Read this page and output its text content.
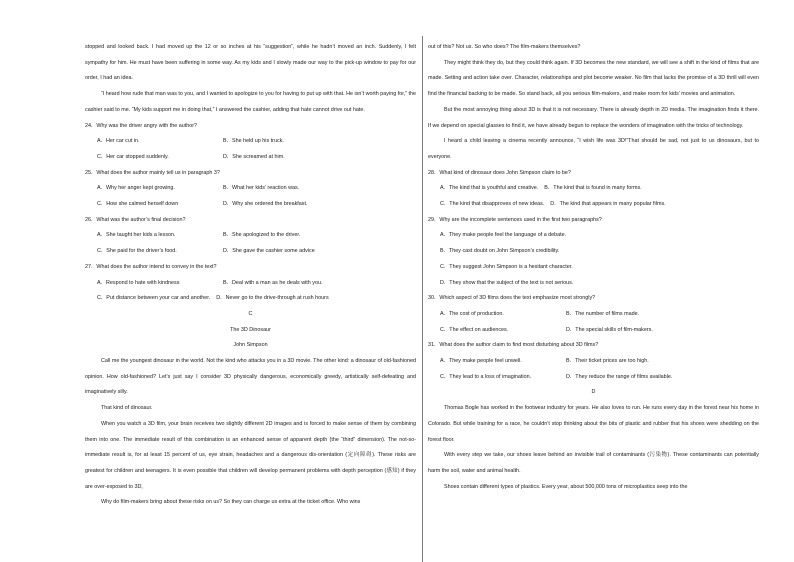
stopped and looked back. I had moved up the 12 or so inches at his “suggestion”, while he hadn’t moved an inch. Suddenly, I felt sympathy for him. He must have been suffering in some way. As my kids and I slowly made our way to the pick-up window to pay for our order, I had an idea.

“I heard how rude that man was to you, and I wanted to apologize to you for having to put up with that. He isn’t worth paying for,” the cashier said to me. “My kids support me in doing that,” I answered the cashier, adding that hate cannot drive out hate.

24．Why was the driver angry with the author?

A．Her car cut in.	B．She held up his truck.
C．Her car stopped suddenly.	D．She screamed at him.

25．What does the author mainly tell us in paragraph 3?

A．Why her anger kept growing.	B．What her kids’ reaction was.
C．How she calmed herself down	D．Why she ordered the breakfast.

26．What was the author’s final decision?

A．She taught her kids a lesson.	B．She apologized to the driver.
C．She paid for the driver’s food.	D．She gave the cashier some advice

27．What does the author intend to convey in the text?

A．Respond to hate with kindness	B．Deal with a man as he deals with you.
C．Put distance between your car and another.	D．Never go to the drive-through at rush hours

C

The 3D Dinosaur

John Simpson

Call me the youngest dinosaur in the world. Not the kind who attacks you in a 3D movie. The other kind: a dinosaur of old-fashioned opinion. How old-fashioned? Let’s just say I consider 3D physically dangerous, economically greedy, artistically self-defeating and imaginatively silly.

That kind of dinosaur.

When you watch a 3D film, your brain receives two slightly different 2D images and is forced to make sense of them by combining them into one. The immediate result of this combination is an enhanced sense of apparent depth (the “third” dimension). The not-so-immediate result is, for at least 15 percent of us, eye strain, headaches and a dangerous dis-orientation (定向障碍). These risks are greatest for children and teenagers. It is even possible that children will develop permanent problems with depth perception (感知) if they are over-exposed to 3D。

Why do film-makers bring about these risks on us? So they can charge us extra at the ticket office. Who wins

out of this? Not us. So who does? The film-makers themselves?

They might think they do, but they could think again. If 3D becomes the new standard, we will see a shift in the kind of films that are made. Setting and action take over. Character, relationships and plot become weaker. No film that lacks the promise of a 3D thrill will even find the financial backing to be made. So stand back, all you serious film-makers, and make room for kids’ movies and animation.

But the most annoying thing about 3D is that it is not necessary. There is already depth in 2D media. The imagination finds it there. If we depend on special glasses to find it, we have already begun to replace the wonders of imagination with the tricks of technology.

I heard a child leaving a cinema recently announce, “I wish life was 3D!”That should be sad, not just to us dinosaurs, but to everyone.

28．What kind of dinosaur does John Simpson claim to be?

A．The kind that is youthful and creative.	B．The kind that is found in many forms.
C．The kind that disapproves of new ideas.	D．The kind that appears in many popular films.

29．Why are the incomplete sentences used in the first two paragraphs?

A．They make people feel the language of a debate.

B．They cast doubt on John Simpson’s credibility.

C．They suggest John Simpson is a hesitant character.

D．They show that the subject of the text is not serious.

30．Which aspect of 3D films does the text emphasize most strongly?

A．The cost of production.	B．The number of films made.
C．The effect on audiences.	D．The special skills of film-makers.

31．What does the author claim to find most disturbing about 3D films?

A．They make people feel unwell.	B．Their ticket prices are too high.
C．They lead to a loss of imagination.	D．They reduce the range of films available.

D

Thomas Bogle has worked in the footwear industry for years. He also loves to run. He runs every day in the forest near his home in Colorado. But while training for a race, he couldn’t stop thinking about the bits of plastic and rubber that his shoes were shedding on the forest floor.

With every step we take, our shoes leave behind an invisible trail of contaminants (污染物). These contaminants can potentially harm the soil, water and animal health.

Shoes contain different types of plastics. Every year, about 500,000 tons of microplastics seep into the
